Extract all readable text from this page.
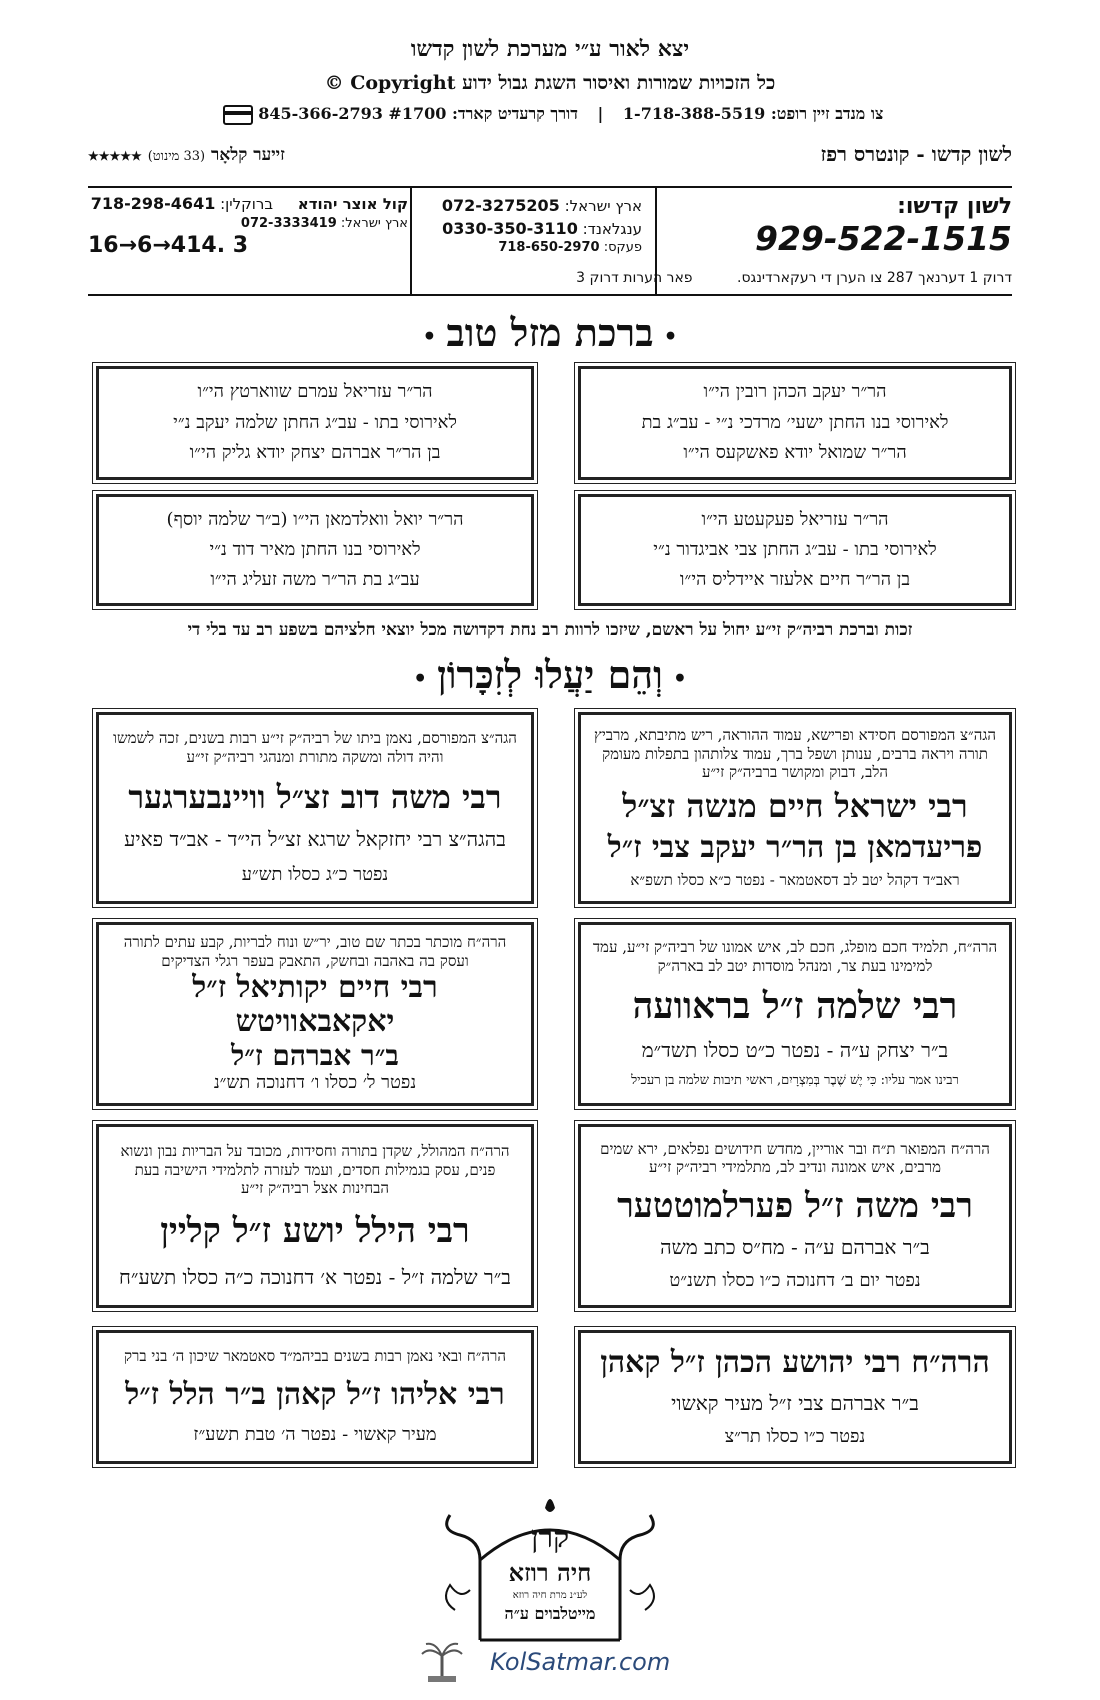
יצא לאור ע״י מערכת לשון קדשו
כל הזכויות שמורות ואיסור השגת גבול ידוע Copyright ©
צו מנדב זיין רופט: 1-718-388-5519 | דורך קרעדיט קארד: 845-366-2793 #1700
לשון קדשו - קונטרס רפז
זייער קלאָר (33 מינוט) ★★★★★
לשון קדשו:
929-522-1515
ארץ ישראל: 072-3275205
ענגלאנד: 0330-350-3110
פעקס: 718-650-2970
דרוק 1 דערנאך 287 צו הערן די רעקארדינגס. פאר הערות דרוק 3
קול אוצר יהודא ברוקלין: 718-298-4641
ארץ ישראל: 072-3333419
16→6→414. 3
•ברכת מזל טוב•
הר״ר יעקב הכהן רובין הי״ו
לאירוסי בנו החתן ישעי׳ מרדכי נ״י - עב״ג בת
הר״ר שמואל יודא פאשקעס הי״ו
הר״ר עזריאל עמרם שווארטץ הי״ו
לאירוסי בתו - עב״ג החתן שלמה יעקב נ״י
בן הר״ר אברהם יצחק יודא גליק הי״ו
הר״ר עזריאל פעקעטע הי״ו
לאירוסי בתו - עב״ג החתן צבי אביגדור נ״י
בן הר״ר חיים אלעזר איידליס הי״ו
הר״ר יואל וואלדמאן הי״ו (ב״ר שלמה יוסף)
לאירוסי בנו החתן מאיר דוד נ״י
עב״ג בת הר״ר משה זעליג הי״ו
זכות וברכת רביה״ק זי״ע יחול על ראשם, שיזכו לרוות רב נחת דקדושה מכל יוצאי חלציהם בשפע רב עד בלי די
•וְהֵם יַעֲלוּ לְזִכָּרוֹן•
הגה״צ המפורסם חסידא ופרישא, עמוד ההוראה, ריש מתיבתא, מרביץ תורה ויראה ברבים, ענותן ושפל ברך, עמוד צלותהון בתפלות מעומק הלב, דבוק ומקושר ברביה״ק זי״ע
רבי ישראל חיים מנשה זצ״ל
פריעדמאן בן הר״ר יעקב צבי ז״ל
ראב״ד דקהל יטב לב דסאטמאר - נפטר כ״א כסלו תשפ״א
הגה״צ המפורסם, נאמן ביתו של רביה״ק זי״ע רבות בשנים, זכה לשמשו והיה דולה ומשקה מתורת ומנהגי רביה״ק זי״ע
רבי משה דוב זצ״ל וויינבערגער
בהגה״צ רבי יחזקאל שרגא זצ״ל הי״ד - אב״ד פאיע
נפטר כ״ג כסלו תש״ע
הרה״ח, תלמיד חכם מופלג, חכם לב, איש אמונו של רביה״ק זי״ע, עמד למימינו בעת צר, ומנהל מוסדות יטב לב בארה״ק
רבי שלמה ז״ל בראוועה
ב״ר יצחק ע״ה - נפטר כ״ט כסלו תשד״מ
רבינו אמר עליו: כִּי יֶשׁ שֶׁבֶר בְּמִצְרָיִם, ראשי תיבות שלמה בן רעכיל
הרה״ח מוכתר בכתר שם טוב, יר״ש ונוח לבריות, קבע עתים לתורה ועסק בה באהבה ובחשק, התאבק בעפר רגלי הצדיקים
רבי חיים יקותיאל ז״ל יאקאבאוויטש
ב״ר אברהם ז״ל
נפטר ל׳ כסלו ו׳ דחנוכה תש״נ
הרה״ח המפואר ת״ח ובר אוריין, מחדש חידושים נפלאים, ירא שמים מרבים, איש אמונה ונדיב לב, מתלמידי רביה״ק זי״ע
רבי משה ז״ל פערלמוטטער
ב״ר אברהם ע״ה - מח״ס כתב משה
נפטר יום ב׳ דחנוכה כ״ו כסלו תשנ״ט
הרה״ח המהולל, שקדן בתורה וחסידות, מכובד על הבריות נבון ונשוא פנים, עסק בגמילות חסדים, ועמד לעזרה לתלמידי הישיבה בעת הבחינות אצל רביה״ק זי״ע
רבי הילל יושע ז״ל קליין
ב״ר שלמה ז״ל - נפטר א׳ דחנוכה כ״ה כסלו תשע״ח
הרה״ח רבי יהושע הכהן ז״ל קאהן
ב״ר אברהם צבי ז״ל מעיר קאשוי
נפטר כ״ו כסלו תר״צ
הרה״ח ובאי נאמן רבות בשנים בביהמ״ד סאטמאר שיכון ה׳ בני ברק
רבי אליהו ז״ל קאהן ב״ר הלל ז״ל
מעיר קאשוי - נפטר ה׳ טבת תשע״ז
קרן
חיה רוזא
לע״נ מרת חיה רוזא
מייטלבוים ע״ה
KolSatmar.com
